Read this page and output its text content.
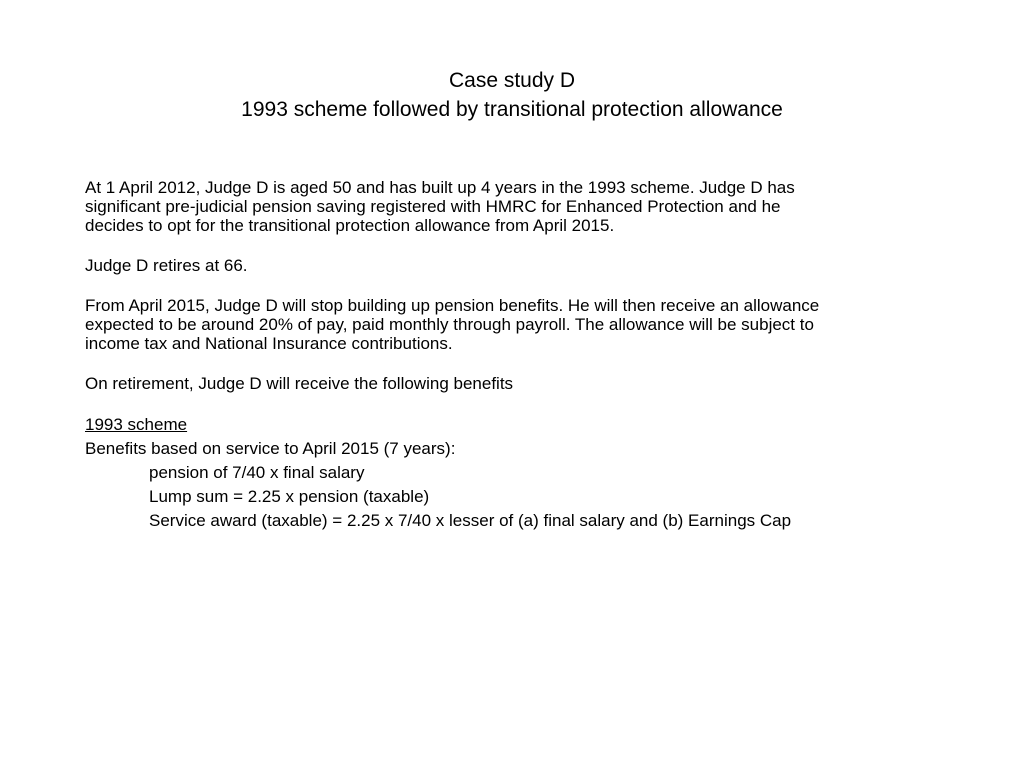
Case study D
1993 scheme followed by transitional protection allowance
At 1 April 2012, Judge D is aged 50 and has built up 4 years in the 1993 scheme. Judge D has
significant pre-judicial pension saving registered with HMRC for Enhanced Protection and he
decides to opt for the transitional protection allowance from April 2015.
Judge D retires at 66.
From April 2015, Judge D will stop building up pension benefits. He will then receive an allowance
expected to be around 20% of pay, paid monthly through payroll. The allowance will be subject to
income tax and National Insurance contributions.
On retirement, Judge D will receive the following benefits
1993 scheme
Benefits based on service to April 2015 (7 years):
pension of 7/40 x final salary
Lump sum = 2.25 x pension (taxable)
Service award (taxable) = 2.25 x 7/40 x lesser of (a) final salary and (b) Earnings Cap
